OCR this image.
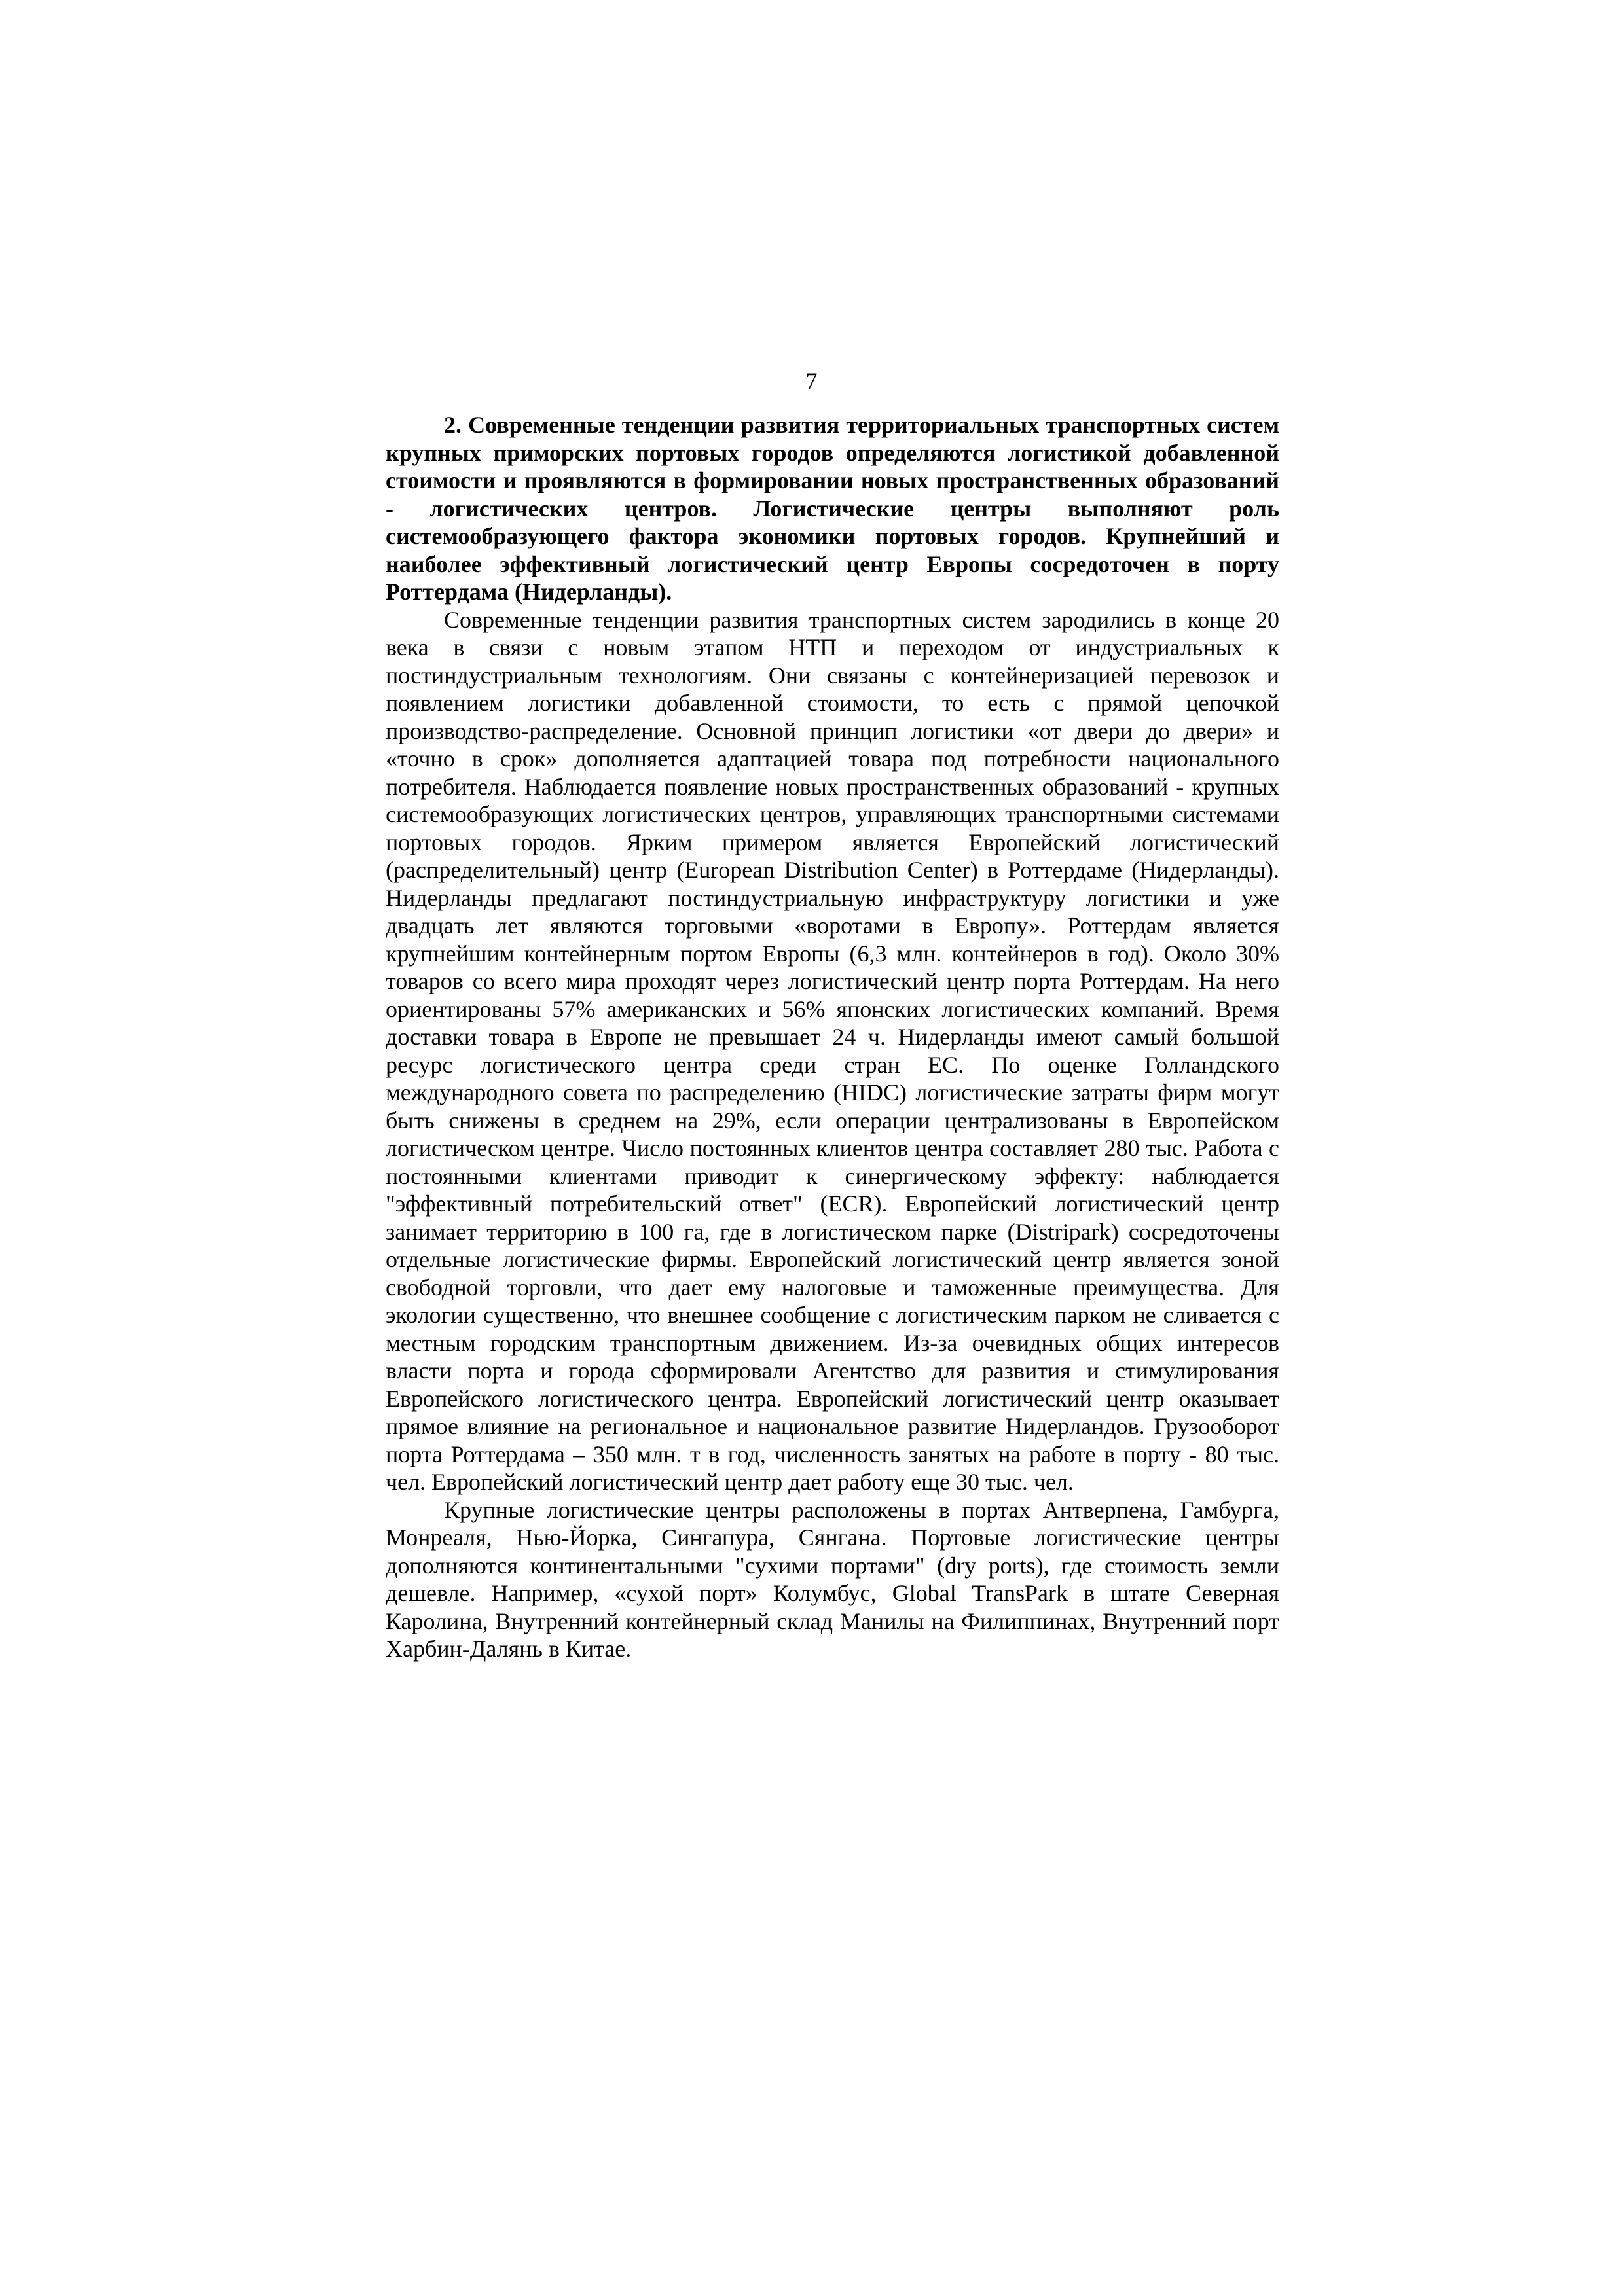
7

2. Современные тенденции развития территориальных транспортных систем крупных приморских портовых городов определяются логистикой добавленной стоимости и проявляются в формировании новых пространственных образований - логистических центров. Логистические центры выполняют роль системообразующего фактора экономики портовых городов. Крупнейший и наиболее эффективный логистический центр Европы сосредоточен в порту Роттердама (Нидерланды).

Современные тенденции развития транспортных систем зародились в конце 20 века в связи с новым этапом НТП и переходом от индустриальных к постиндустриальным технологиям. Они связаны с контейнеризацией перевозок и появлением логистики добавленной стоимости, то есть с прямой цепочкой производство-распределение. Основной принцип логистики «от двери до двери» и «точно в срок» дополняется адаптацией товара под потребности национального потребителя. Наблюдается появление новых пространственных образований - крупных системообразующих логистических центров, управляющих транспортными системами портовых городов. Ярким примером является Европейский логистический (распределительный) центр (European Distribution Center) в Роттердаме (Нидерланды). Нидерланды предлагают постиндустриальную инфраструктуру логистики и уже двадцать лет являются торговыми «воротами в Европу». Роттердам является крупнейшим контейнерным портом Европы (6,3 млн. контейнеров в год). Около 30% товаров со всего мира проходят через логистический центр порта Роттердам. На него ориентированы 57% американских и 56% японских логистических компаний. Время доставки товара в Европе не превышает 24 ч. Нидерланды имеют самый большой ресурс логистического центра среди стран ЕС. По оценке Голландского международного совета по распределению (HIDC) логистические затраты фирм могут быть снижены в среднем на 29%, если операции централизованы в Европейском логистическом центре. Число постоянных клиентов центра составляет 280 тыс. Работа с постоянными клиентами приводит к синергическому эффекту: наблюдается "эффективный потребительский ответ" (ECR). Европейский логистический центр занимает территорию в 100 га, где в логистическом парке (Distripark) сосредоточены отдельные логистические фирмы. Европейский логистический центр является зоной свободной торговли, что дает ему налоговые и таможенные преимущества. Для экологии существенно, что внешнее сообщение с логистическим парком не сливается с местным городским транспортным движением. Из-за очевидных общих интересов власти порта и города сформировали Агентство для развития и стимулирования Европейского логистического центра. Европейский логистический центр оказывает прямое влияние на региональное и национальное развитие Нидерландов. Грузооборот порта Роттердама – 350 млн. т в год, численность занятых на работе в порту - 80 тыс. чел. Европейский логистический центр дает работу еще 30 тыс. чел.

Крупные логистические центры расположены в портах Антверпена, Гамбурга, Монреаля, Нью-Йорка, Сингапура, Сянгана. Портовые логистические центры дополняются континентальными "сухими портами" (dry ports), где стоимость земли дешевле. Например, «сухой порт» Колумбус, Global TransPark в штате Северная Каролина, Внутренний контейнерный склад Манилы на Филиппинах, Внутренний порт Харбин-Далянь в Китае.
